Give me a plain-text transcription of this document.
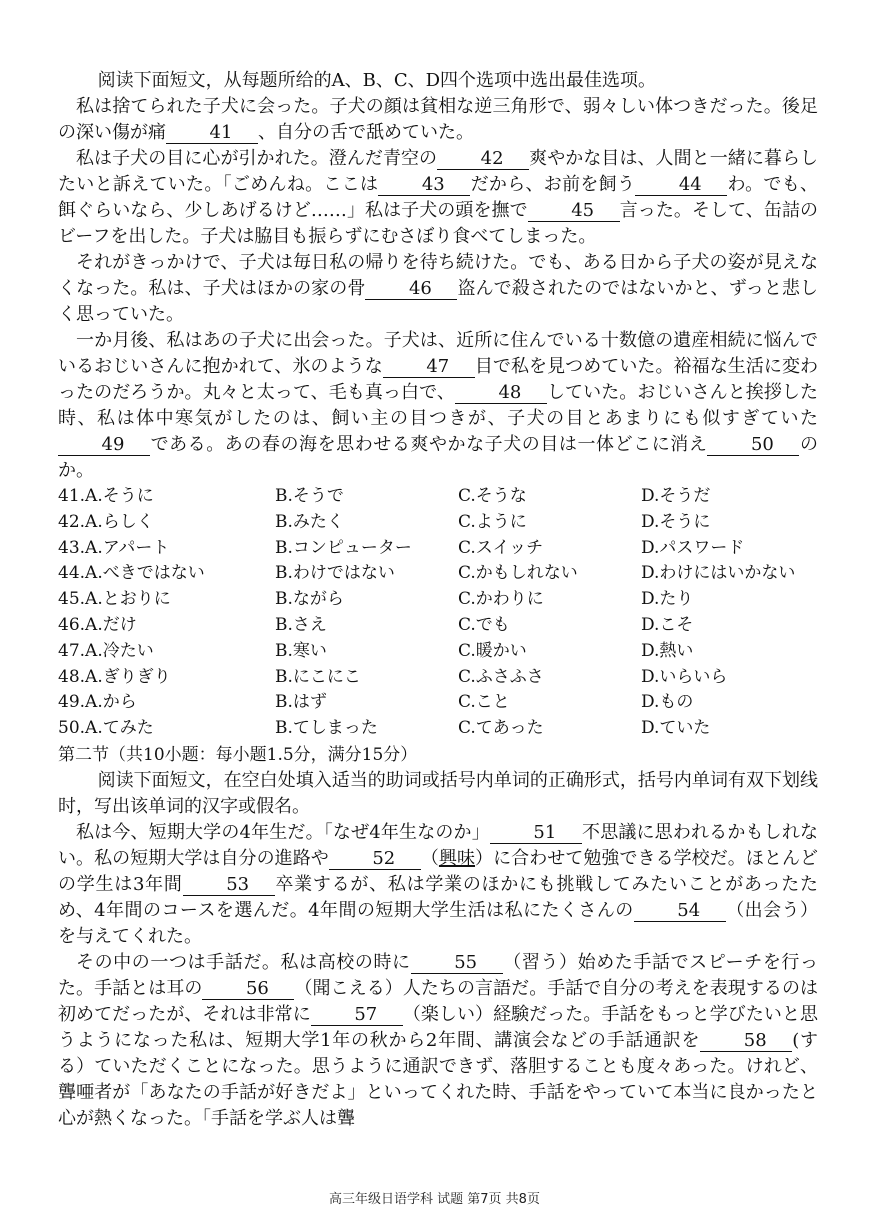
阅读下面短文，从每题所给的A、B、C、D四个选项中选出最佳选项。

私は捨てられた子犬に会った。子犬の顔は貧相な逆三角形で、弱々しい体つきだった。後足の深い傷が痛 41 、自分の舌で舐めていた。

私は子犬の目に心が引かれた。澄んだ青空の 42 爽やかな目は、人間と一緒に暮らしたいと訴えていた。「ごめんね。ここは 43 だから、お前を飼う 44 わ。でも、餌ぐらいなら、少しあげるけど……」私は子犬の頭を撫で 45 言った。そして、缶詰のビーフを出した。子犬は脇目も振らずにむさぼり食べてしまった。

それがきっかけで、子犬は毎日私の帰りを待ち続けた。でも、ある日から子犬の姿が見えなくなった。私は、子犬はほかの家の骨 46 盗んで殺されたのではないかと、ずっと悲しく思っていた。

一か月後、私はあの子犬に出会った。子犬は、近所に住んでいる十数億の遺産相続に悩んでいるおじいさんに抱かれて、氷のような 47 目で私を見つめていた。裕福な生活に変わったのだろうか。丸々と太って、毛も真っ白で、 48 していた。おじいさんと挨拶した時、私は体中寒気がしたのは、飼い主の目つきが、子犬の目とあまりにも似すぎていた49 である。あの春の海を思わせる爽やかな子犬の目は一体どこに消え 50 のか。

41.A.そうに	B.そうで	C.そうな	D.そうだ
42.A.らしく	B.みたく	C.ように	D.そうに
43.A.アパート	B.コンピューター	C.スイッチ	D.パスワード
44.A.べきではない	B.わけではない	C.かもしれない	D.わけにはいかない
45.A.とおりに	B.ながら	C.かわりに	D.たり
46.A.だけ	B.さえ	C.でも	D.こそ
47.A.冷たい	B.寒い	C.暖かい	D.熱い
48.A.ぎりぎり	B.にこにこ	C.ふさふさ	D.いらいら
49.A.から	B.はず	C.こと	D.もの
50.A.てみた	B.てしまった	C.てあった	D.ていた

第二节（共10小题：每小题1.5分，满分15分）

阅读下面短文，在空白处填入适当的助词或括号内单词的正确形式，括号内单词有双下划线时，写出该单词的汉字或假名。

私は今、短期大学の4年生だ。「なぜ4年生なのか」 51 不思議に思われるかもしれない。私の短期大学は自分の進路や 52 （興味）に合わせて勉強できる学校だ。ほとんどの学生は3年間 53 卒業するが、私は学業のほかにも挑戦してみたいことがあったため、4年間のコースを選んだ。4年間の短期大学生活は私にたくさんの 54 （出会う）を与えてくれた。

その中の一つは手話だ。私は高校の時に 55 （習う）始めた手話でスピーチを行った。手話とは耳の 56 （聞こえる）人たちの言語だ。手話で自分の考えを表現するのは初めてだったが、それは非常に 57 （楽しい）経験だった。手話をもっと学びたいと思うようになった私は、短期大学1年の秋から2年間、講演会などの手話通訳を 58 (する）ていただくことになった。思うように通訳できず、落胆することも度々あった。けれど、聾唖者が「あなたの手話が好きだよ」といってくれた時、手話をやっていて本当に良かったと心が熱くなった。「手話を学ぶ人は聾

高三年级日语学科 试题 第7页 共8页
